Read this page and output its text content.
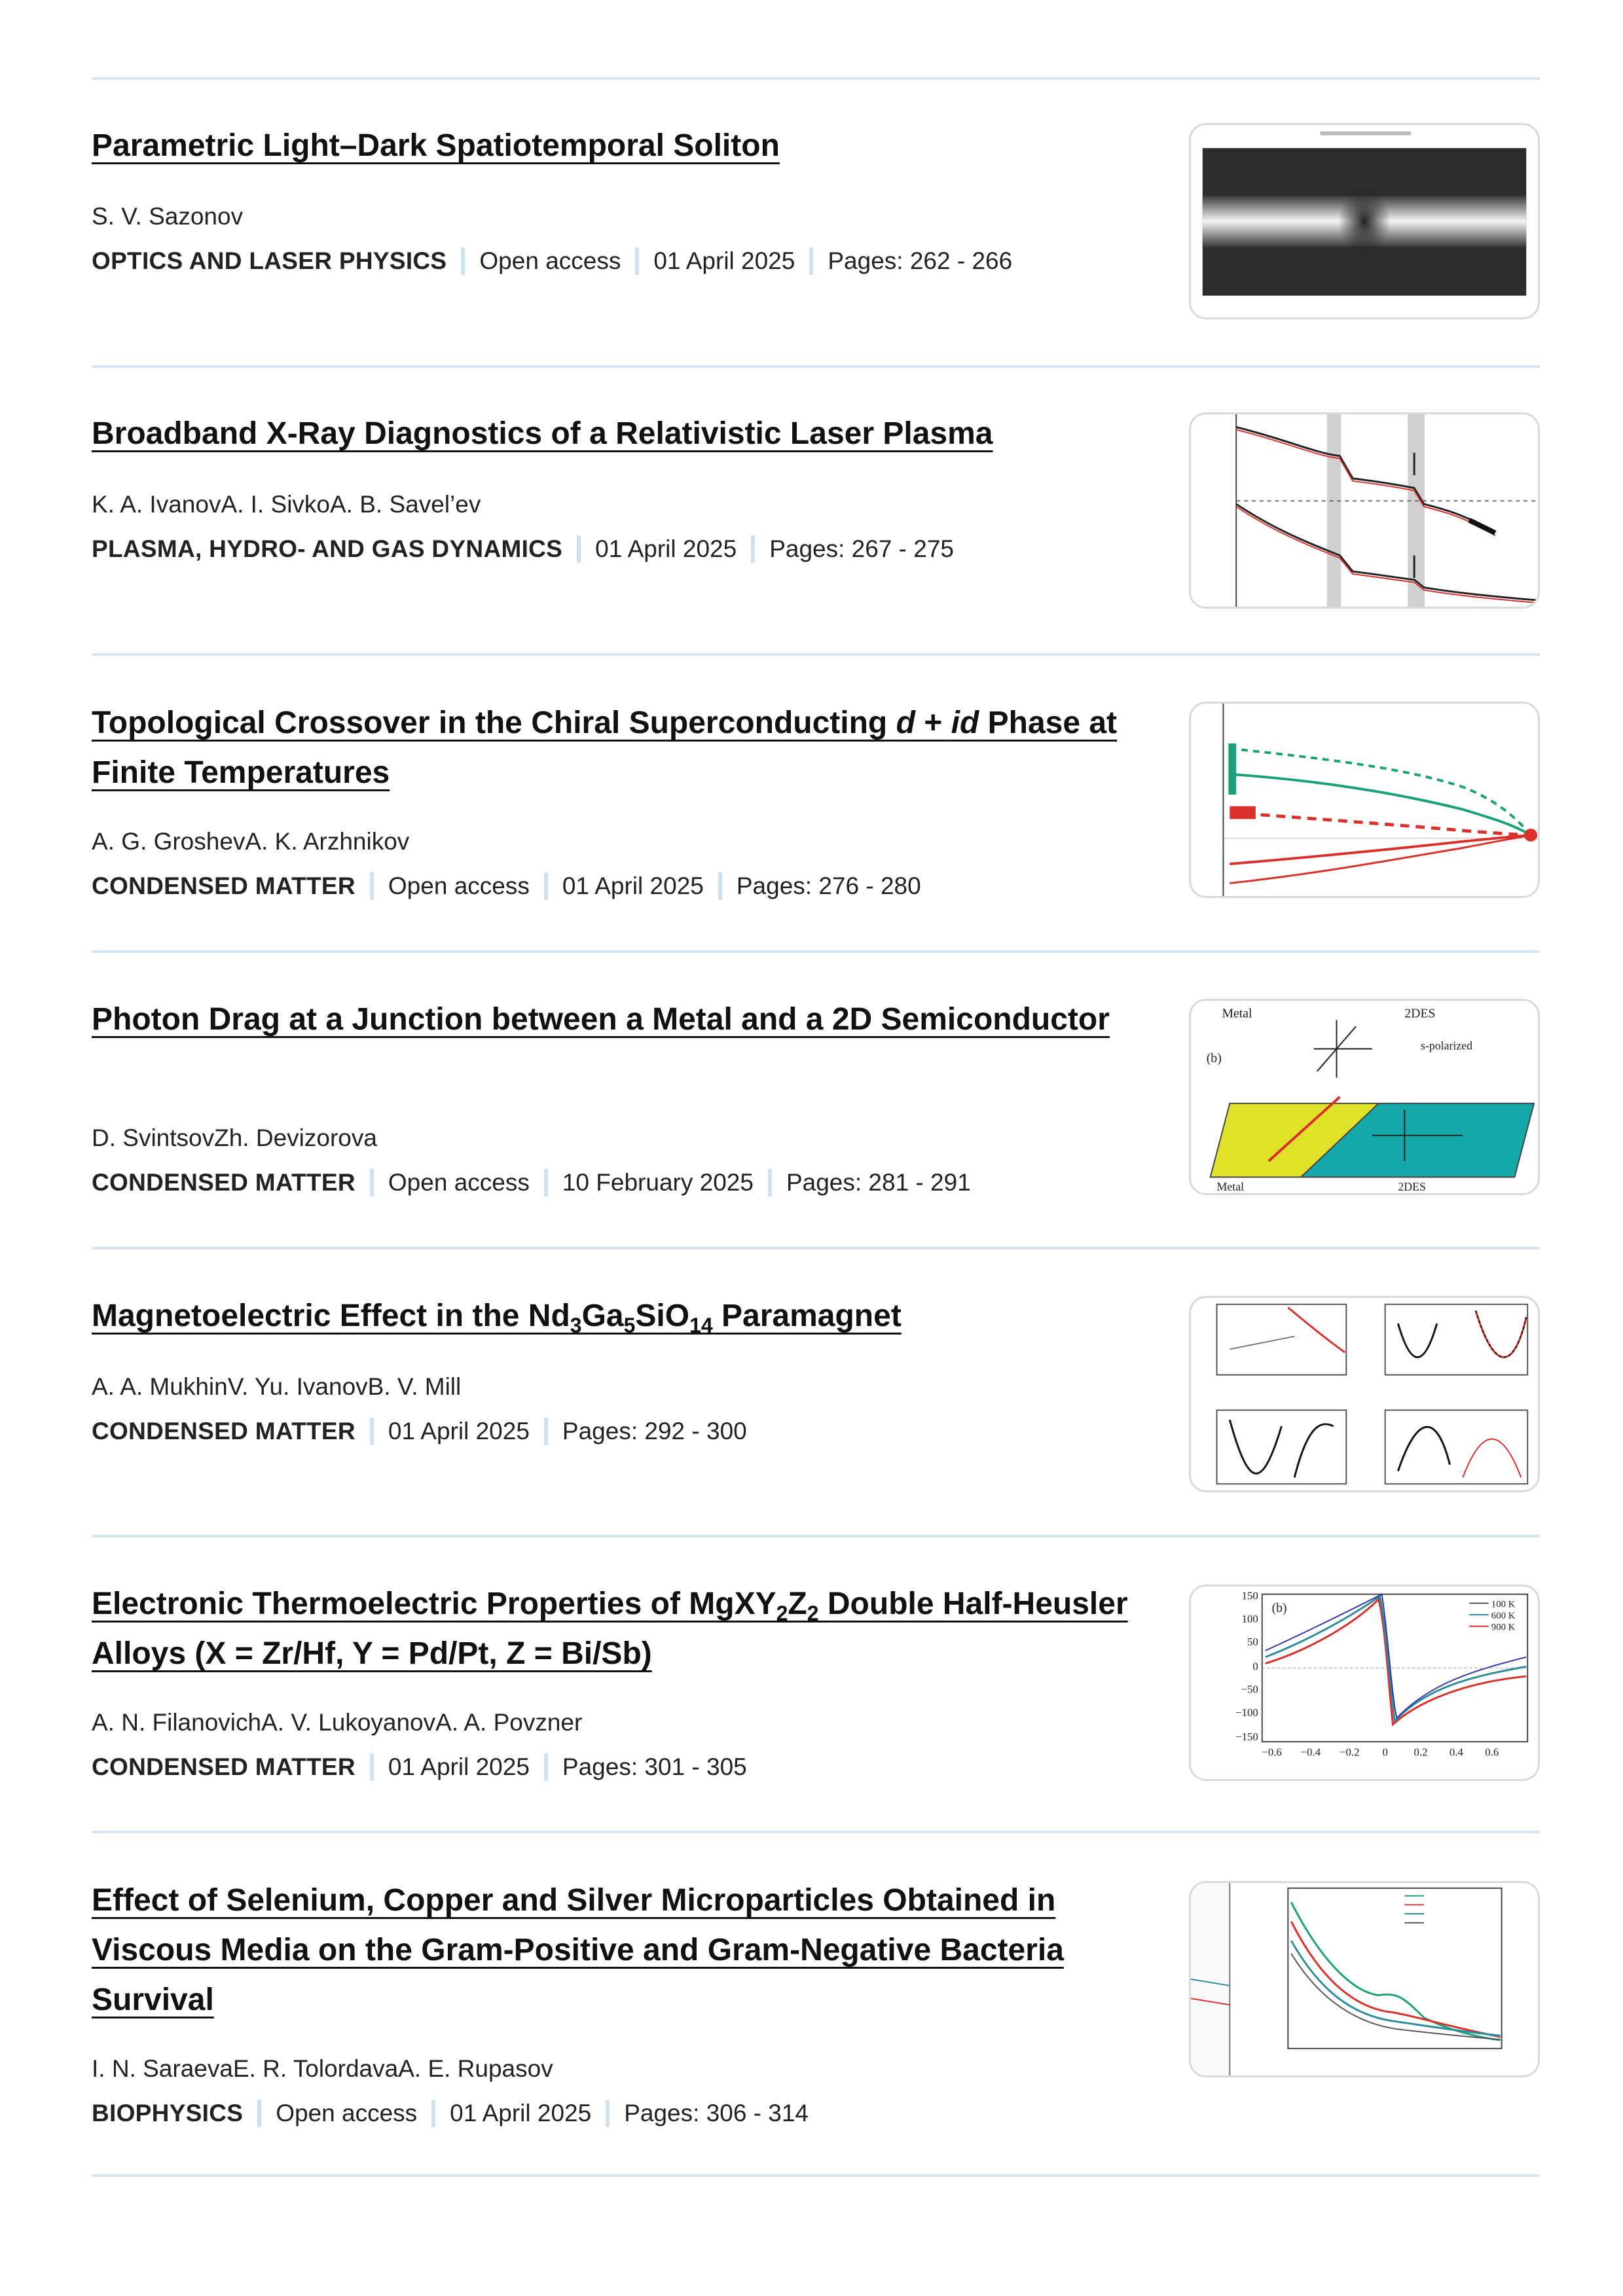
Parametric Light–Dark Spatiotemporal Soliton
S. V. Sazonov
OPTICS AND LASER PHYSICS Open access 01 April 2025 Pages: 262 - 266
Broadband X-Ray Diagnostics of a Relativistic Laser Plasma
K. A. IvanovA. I. SivkoA. B. Savel’ev
PLASMA, HYDRO- AND GAS DYNAMICS 01 April 2025 Pages: 267 - 275
Topological Crossover in the Chiral Superconducting d + id Phase at Finite Temperatures
A. G. GroshevA. K. Arzhnikov
CONDENSED MATTER Open access 01 April 2025 Pages: 276 - 280
Photon Drag at a Junction between a Metal and a 2D Semiconductor
D. SvintsovZh. Devizorova
CONDENSED MATTER Open access 10 February 2025 Pages: 281 - 291
Metal	2DES
(b)
s-polarized
Metal	2DES
Magnetoelectric Effect in the $Nd_3Ga_5SiO_{14}$ Paramagnet
A. A. MukhinV. Yu. IvanovB. V. Mill
CONDENSED MATTER 01 April 2025 Pages: 292 - 300
Electronic Thermoelectric Properties of $MgXY_2Z_2$ Double Half-Heusler Alloys (X = Zr/Hf, Y = Pd/Pt, Z = Bi/Sb)
A. N. FilanovichA. V. LukoyanovA. A. Povzner
CONDENSED MATTER 01 April 2025 Pages: 301 - 305
(b)	100 K
600 K
900 K
150
100
50
0
−50
−100
−150
−0.6 −0.4 −0.2 0 0.2 0.4 0.6
Effect of Selenium, Copper and Silver Microparticles Obtained in Viscous Media on the Gram-Positive and Gram-Negative Bacteria Survival
I. N. SaraevaE. R. TolordavaA. E. Rupasov
BIOPHYSICS Open access 01 April 2025 Pages: 306 - 314
